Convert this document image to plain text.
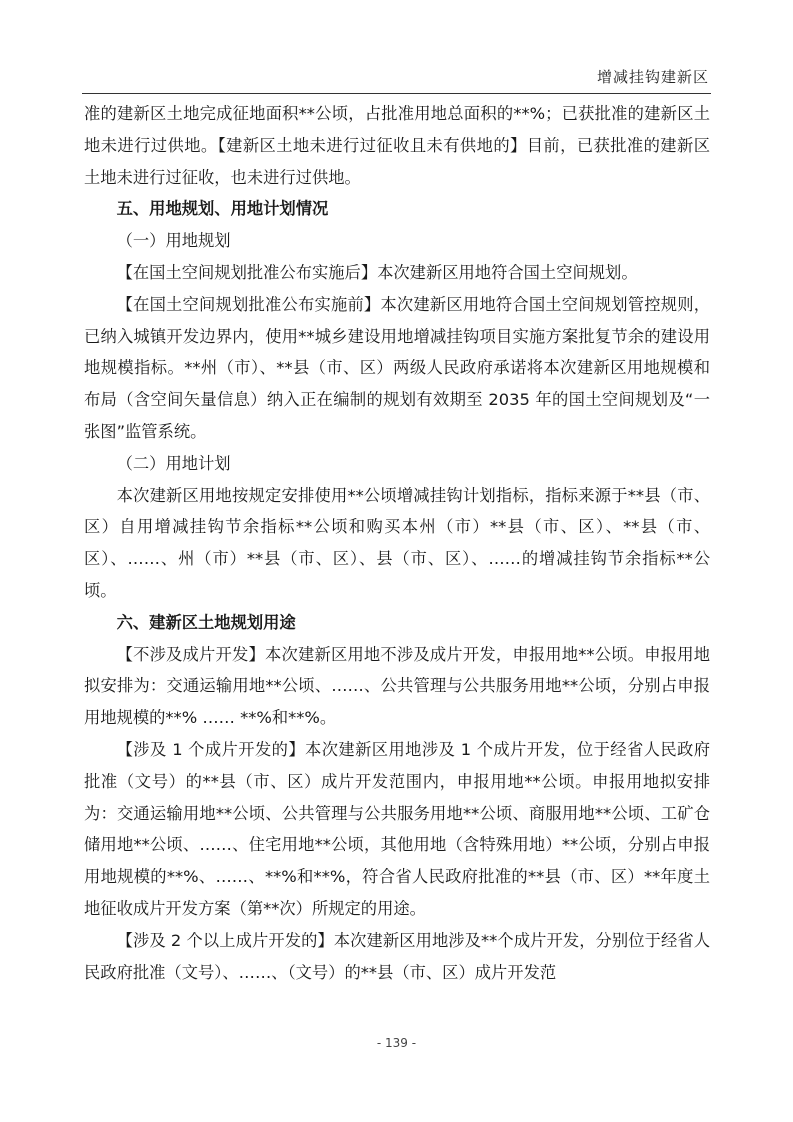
增减挂钩建新区

准的建新区土地完成征地面积**公顷，占批准用地总面积的**%；已获批准的建新区土地未进行过供地。【建新区土地未进行过征收且未有供地的】目前，已获批准的建新区土地未进行过征收，也未进行过供地。

五、用地规划、用地计划情况

（一）用地规划

【在国土空间规划批准公布实施后】本次建新区用地符合国土空间规划。

【在国土空间规划批准公布实施前】本次建新区用地符合国土空间规划管控规则，已纳入城镇开发边界内，使用**城乡建设用地增减挂钩项目实施方案批复节余的建设用地规模指标。**州（市）、**县（市、区）两级人民政府承诺将本次建新区用地规模和布局（含空间矢量信息）纳入正在编制的规划有效期至 2035 年的国土空间规划及“一张图”监管系统。

（二）用地计划

本次建新区用地按规定安排使用**公顷增减挂钩计划指标，指标来源于**县（市、区）自用增减挂钩节余指标**公顷和购买本州（市）**县（市、区）、**县（市、区）、……、州（市）**县（市、区）、县（市、区）、……的增减挂钩节余指标**公顷。

六、建新区土地规划用途

【不涉及成片开发】本次建新区用地不涉及成片开发，申报用地**公顷。申报用地拟安排为：交通运输用地**公顷、……、公共管理与公共服务用地**公顷，分别占申报用地规模的**% …… **%和**%。

【涉及 1 个成片开发的】本次建新区用地涉及 1 个成片开发，位于经省人民政府批准（文号）的**县（市、区）成片开发范围内，申报用地**公顷。申报用地拟安排为：交通运输用地**公顷、公共管理与公共服务用地**公顷、商服用地**公顷、工矿仓储用地**公顷、……、住宅用地**公顷，其他用地（含特殊用地）**公顷，分别占申报用地规模的**%、……、**%和**%，符合省人民政府批准的**县（市、区）**年度土地征收成片开发方案（第**次）所规定的用途。

【涉及 2 个以上成片开发的】本次建新区用地涉及**个成片开发，分别位于经省人民政府批准（文号）、……、（文号）的**县（市、区）成片开发范

- 139 -
